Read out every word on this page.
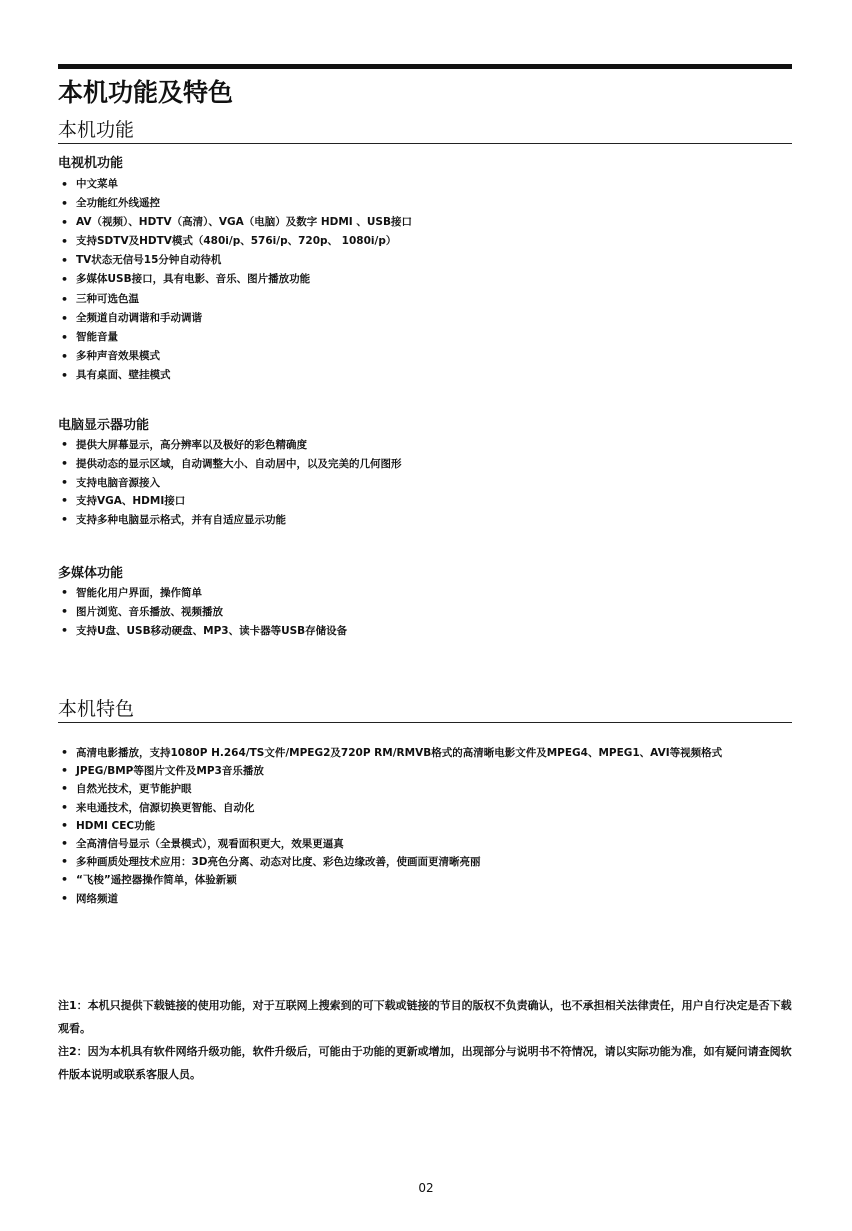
本机功能及特色
本机功能
电视机功能
• 中文菜单
• 全功能红外线遥控
• AV（视频）、HDTV（高清）、VGA（电脑）及数字 HDMI 、USB接口
• 支持SDTV及HDTV模式（480i/p、576i/p、720p、 1080i/p）
• TV状态无信号15分钟自动待机
• 多媒体USB接口，具有电影、音乐、图片播放功能
• 三种可选色温
• 全频道自动调谐和手动调谐
• 智能音量
• 多种声音效果模式
• 具有桌面、壁挂模式
电脑显示器功能
• 提供大屏幕显示，高分辨率以及极好的彩色精确度
• 提供动态的显示区域，自动调整大小、自动居中，以及完美的几何图形
• 支持电脑音源接入
• 支持VGA、HDMI接口
• 支持多种电脑显示格式，并有自适应显示功能
多媒体功能
• 智能化用户界面，操作简单
• 图片浏览、音乐播放、视频播放
• 支持U盘、USB移动硬盘、MP3、读卡器等USB存储设备
本机特色
• 高清电影播放，支持1080P H.264/TS文件/MPEG2及720P RM/RMVB格式的高清晰电影文件及MPEG4、MPEG1、AVI等视频格式
• JPEG/BMP等图片文件及MP3音乐播放
• 自然光技术，更节能护眼
• 来电通技术，信源切换更智能、自动化
• HDMI CEC功能
• 全高清信号显示（全景模式），观看面积更大，效果更逼真
• 多种画质处理技术应用：3D亮色分离、动态对比度、彩色边缘改善，使画面更清晰亮丽
• “飞梭”遥控器操作简单，体验新颖
• 网络频道

注1：本机只提供下载链接的使用功能，对于互联网上搜索到的可下载或链接的节目的版权不负责确认，也不承担相关法律责任，用户自行决定是否下载观看。

注2：因为本机具有软件网络升级功能，软件升级后，可能由于功能的更新或增加，出现部分与说明书不符情况，请以实际功能为准，如有疑问请查阅软件版本说明或联系客服人员。

02
